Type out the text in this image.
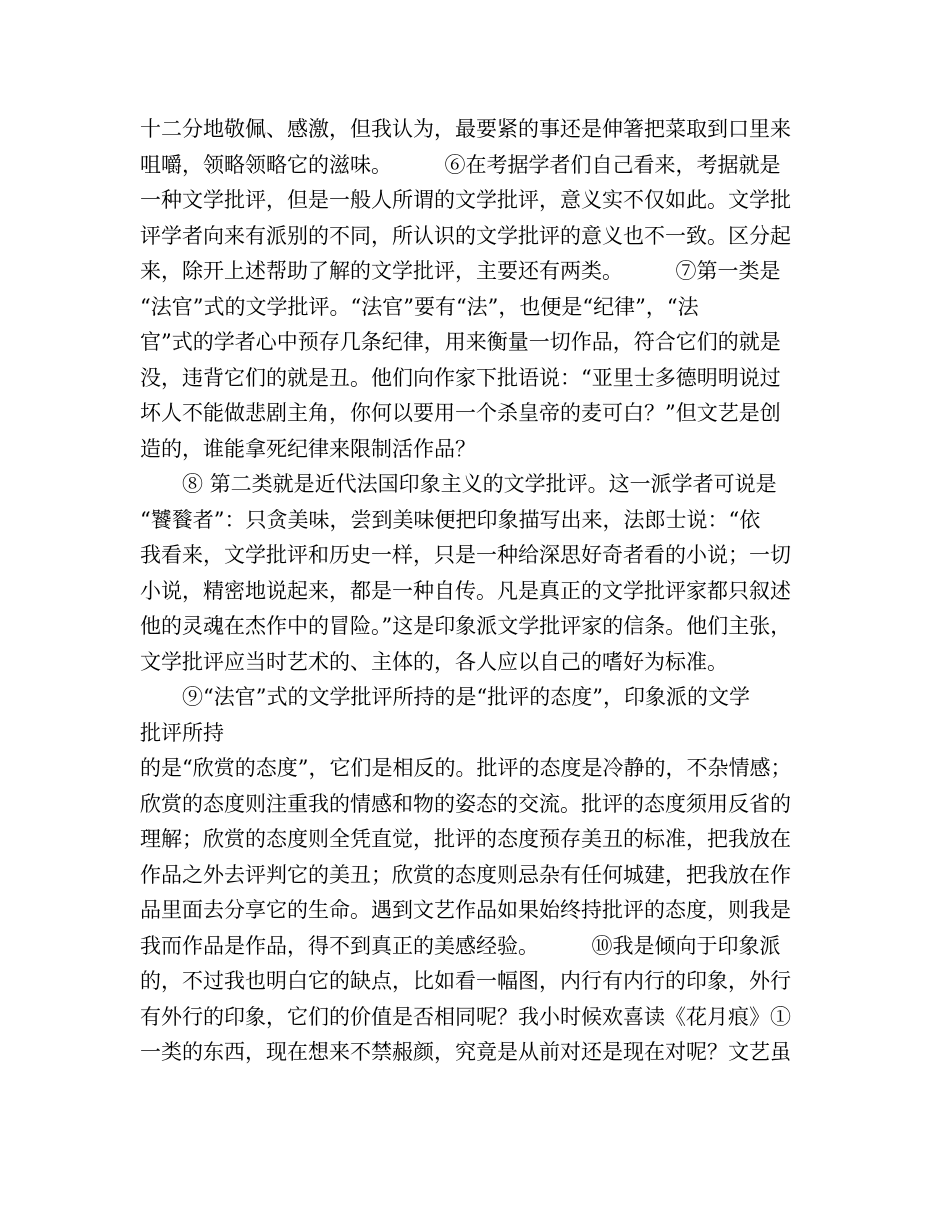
十二分地敬佩、感激，但我认为，最要紧的事还是伸箸把菜取到口里来
咀嚼，领略领略它的滋味。　　　⑥在考据学者们自己看来，考据就是
一种文学批评，但是一般人所谓的文学批评，意义实不仅如此。文学批
评学者向来有派别的不同，所认识的文学批评的意义也不一致。区分起
来，除开上述帮助了解的文学批评，主要还有两类。　　　⑦第一类是
“法官”式的文学批评。“法官”要有“法”，也便是“纪律”，“法
官”式的学者心中预存几条纪律，用来衡量一切作品，符合它们的就是
没，违背它们的就是丑。他们向作家下批语说：“亚里士多德明明说过
坏人不能做悲剧主角，你何以要用一个杀皇帝的麦可白？”但文艺是创
造的，谁能拿死纪律来限制活作品？
⑧ 第二类就是近代法国印象主义的文学批评。这一派学者可说是
“饕餮者”：只贪美味，尝到美味便把印象描写出来，法郎士说：“依
我看来，文学批评和历史一样，只是一种给深思好奇者看的小说；一切
小说，精密地说起来，都是一种自传。凡是真正的文学批评家都只叙述
他的灵魂在杰作中的冒险。”这是印象派文学批评家的信条。他们主张，
文学批评应当时艺术的、主体的，各人应以自己的嗜好为标准。
⑨“法官”式的文学批评所持的是“批评的态度”，印象派的文学
批评所持
的是“欣赏的态度”，它们是相反的。批评的态度是冷静的，不杂情感；
欣赏的态度则注重我的情感和物的姿态的交流。批评的态度须用反省的
理解；欣赏的态度则全凭直觉，批评的态度预存美丑的标准，把我放在
作品之外去评判它的美丑；欣赏的态度则忌杂有任何城建，把我放在作
品里面去分享它的生命。遇到文艺作品如果始终持批评的态度，则我是
我而作品是作品，得不到真正的美感经验。　　　⑩我是倾向于印象派
的，不过我也明白它的缺点，比如看一幅图，内行有内行的印象，外行
有外行的印象，它们的价值是否相同呢？我小时候欢喜读《花月痕》①
一类的东西，现在想来不禁赧颜，究竟是从前对还是现在对呢？文艺虽
